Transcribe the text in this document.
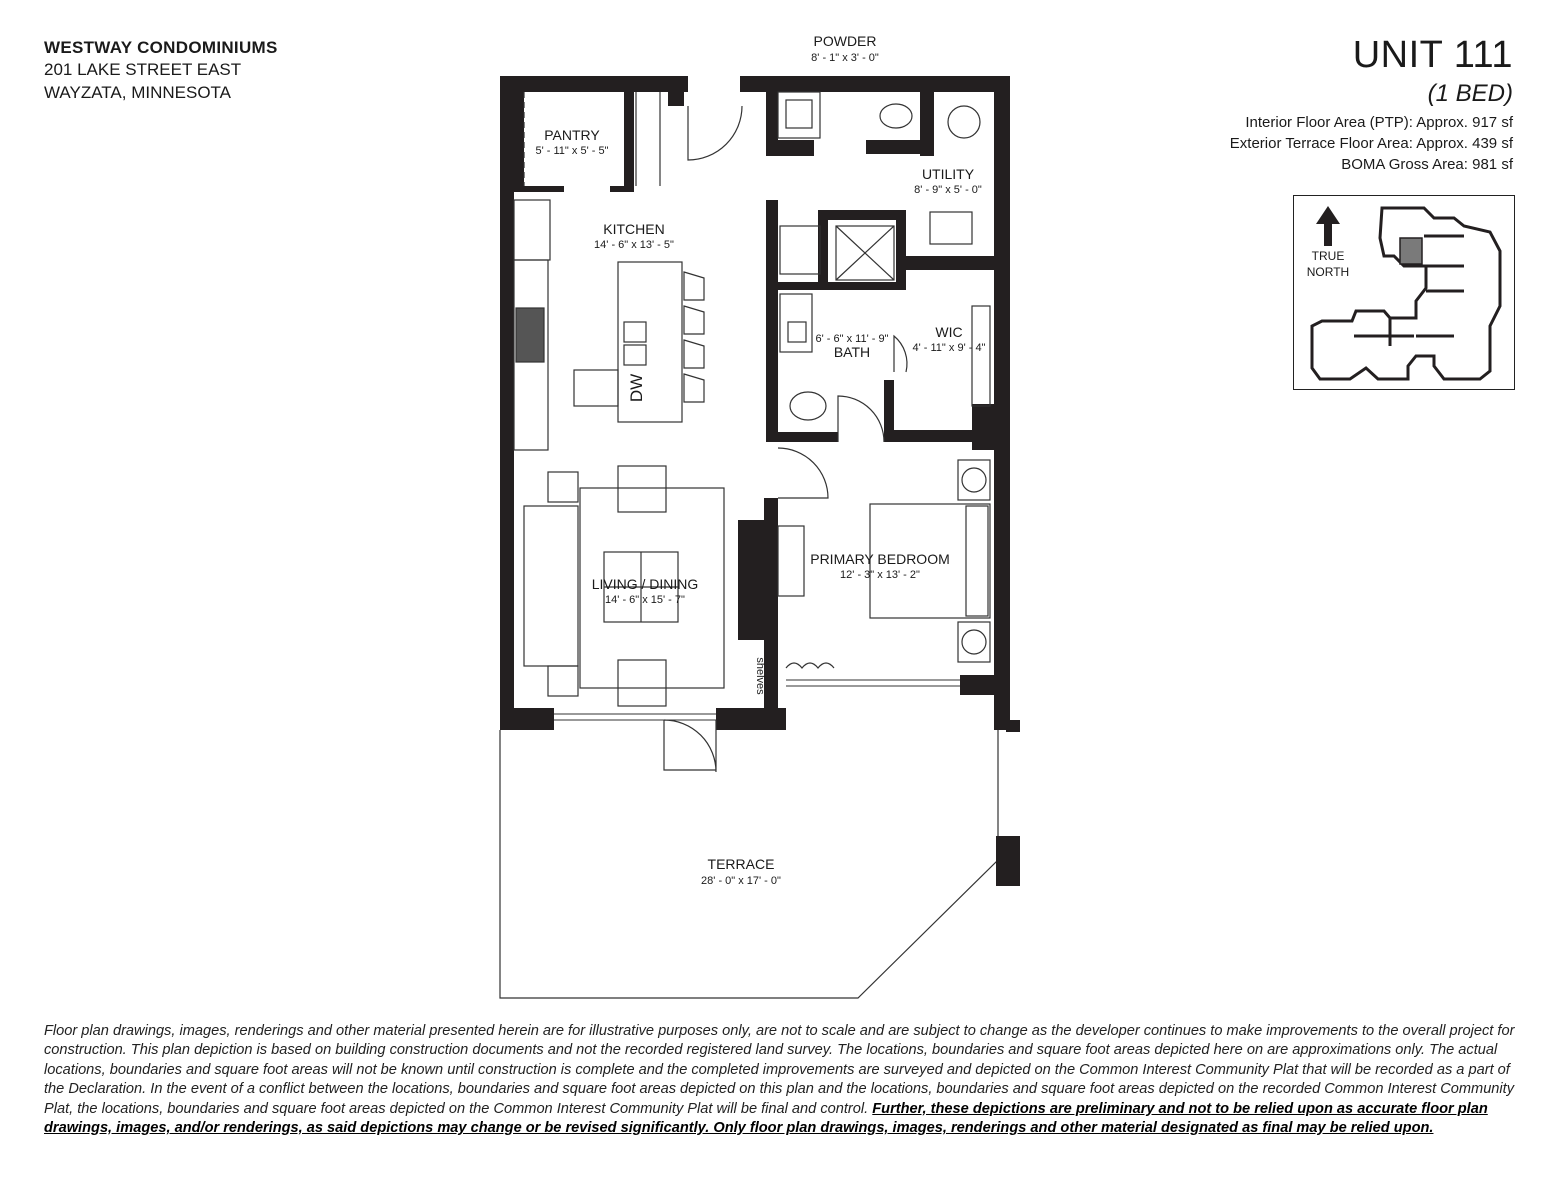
WESTWAY CONDOMINIUMS
201 LAKE STREET EAST
WAYZATA, MINNESOTA
UNIT 111
(1 BED)
Interior Floor Area (PTP): Approx. 917 sf
Exterior Terrace Floor Area: Approx. 439 sf
BOMA Gross Area: 981 sf
TRUE
NORTH
POWDER
8' - 1" x 3' - 0"
PANTRY
5' - 11" x 5' - 5"
UTILITY
8' - 9" x 5' - 0"
KITCHEN
14' - 6" x 13' - 5"
6' - 6" x 11' - 9"
BATH
WIC
4' - 11" x 9' - 4"
DW
LIVING / DINING
14' - 6" x 15' - 7"
PRIMARY BEDROOM
12' - 3" x 13' - 2"
shelves
TERRACE
28' - 0" x 17' - 0"
Floor plan drawings, images, renderings and other material presented herein are for illustrative purposes only, are not to scale and are subject to change as the developer continues to make improvements to the overall project for construction. This plan depiction is based on building construction documents and not the recorded registered land survey. The locations, boundaries and square foot areas depicted here on are approximations only. The actual locations, boundaries and square foot areas will not be known until construction is complete and the completed improvements are surveyed and depicted on the Common Interest Community Plat that will be recorded as a part of the Declaration. In the event of a conflict between the locations, boundaries and square foot areas depicted on this plan and the locations, boundaries and square foot areas depicted on the recorded Common Interest Community Plat, the locations, boundaries and square foot areas depicted on the Common Interest Community Plat will be final and control. Further, these depictions are preliminary and not to be relied upon as accurate floor plan drawings, images, and/or renderings, as said depictions may change or be revised significantly. Only floor plan drawings, images, renderings and other material designated as final may be relied upon.
